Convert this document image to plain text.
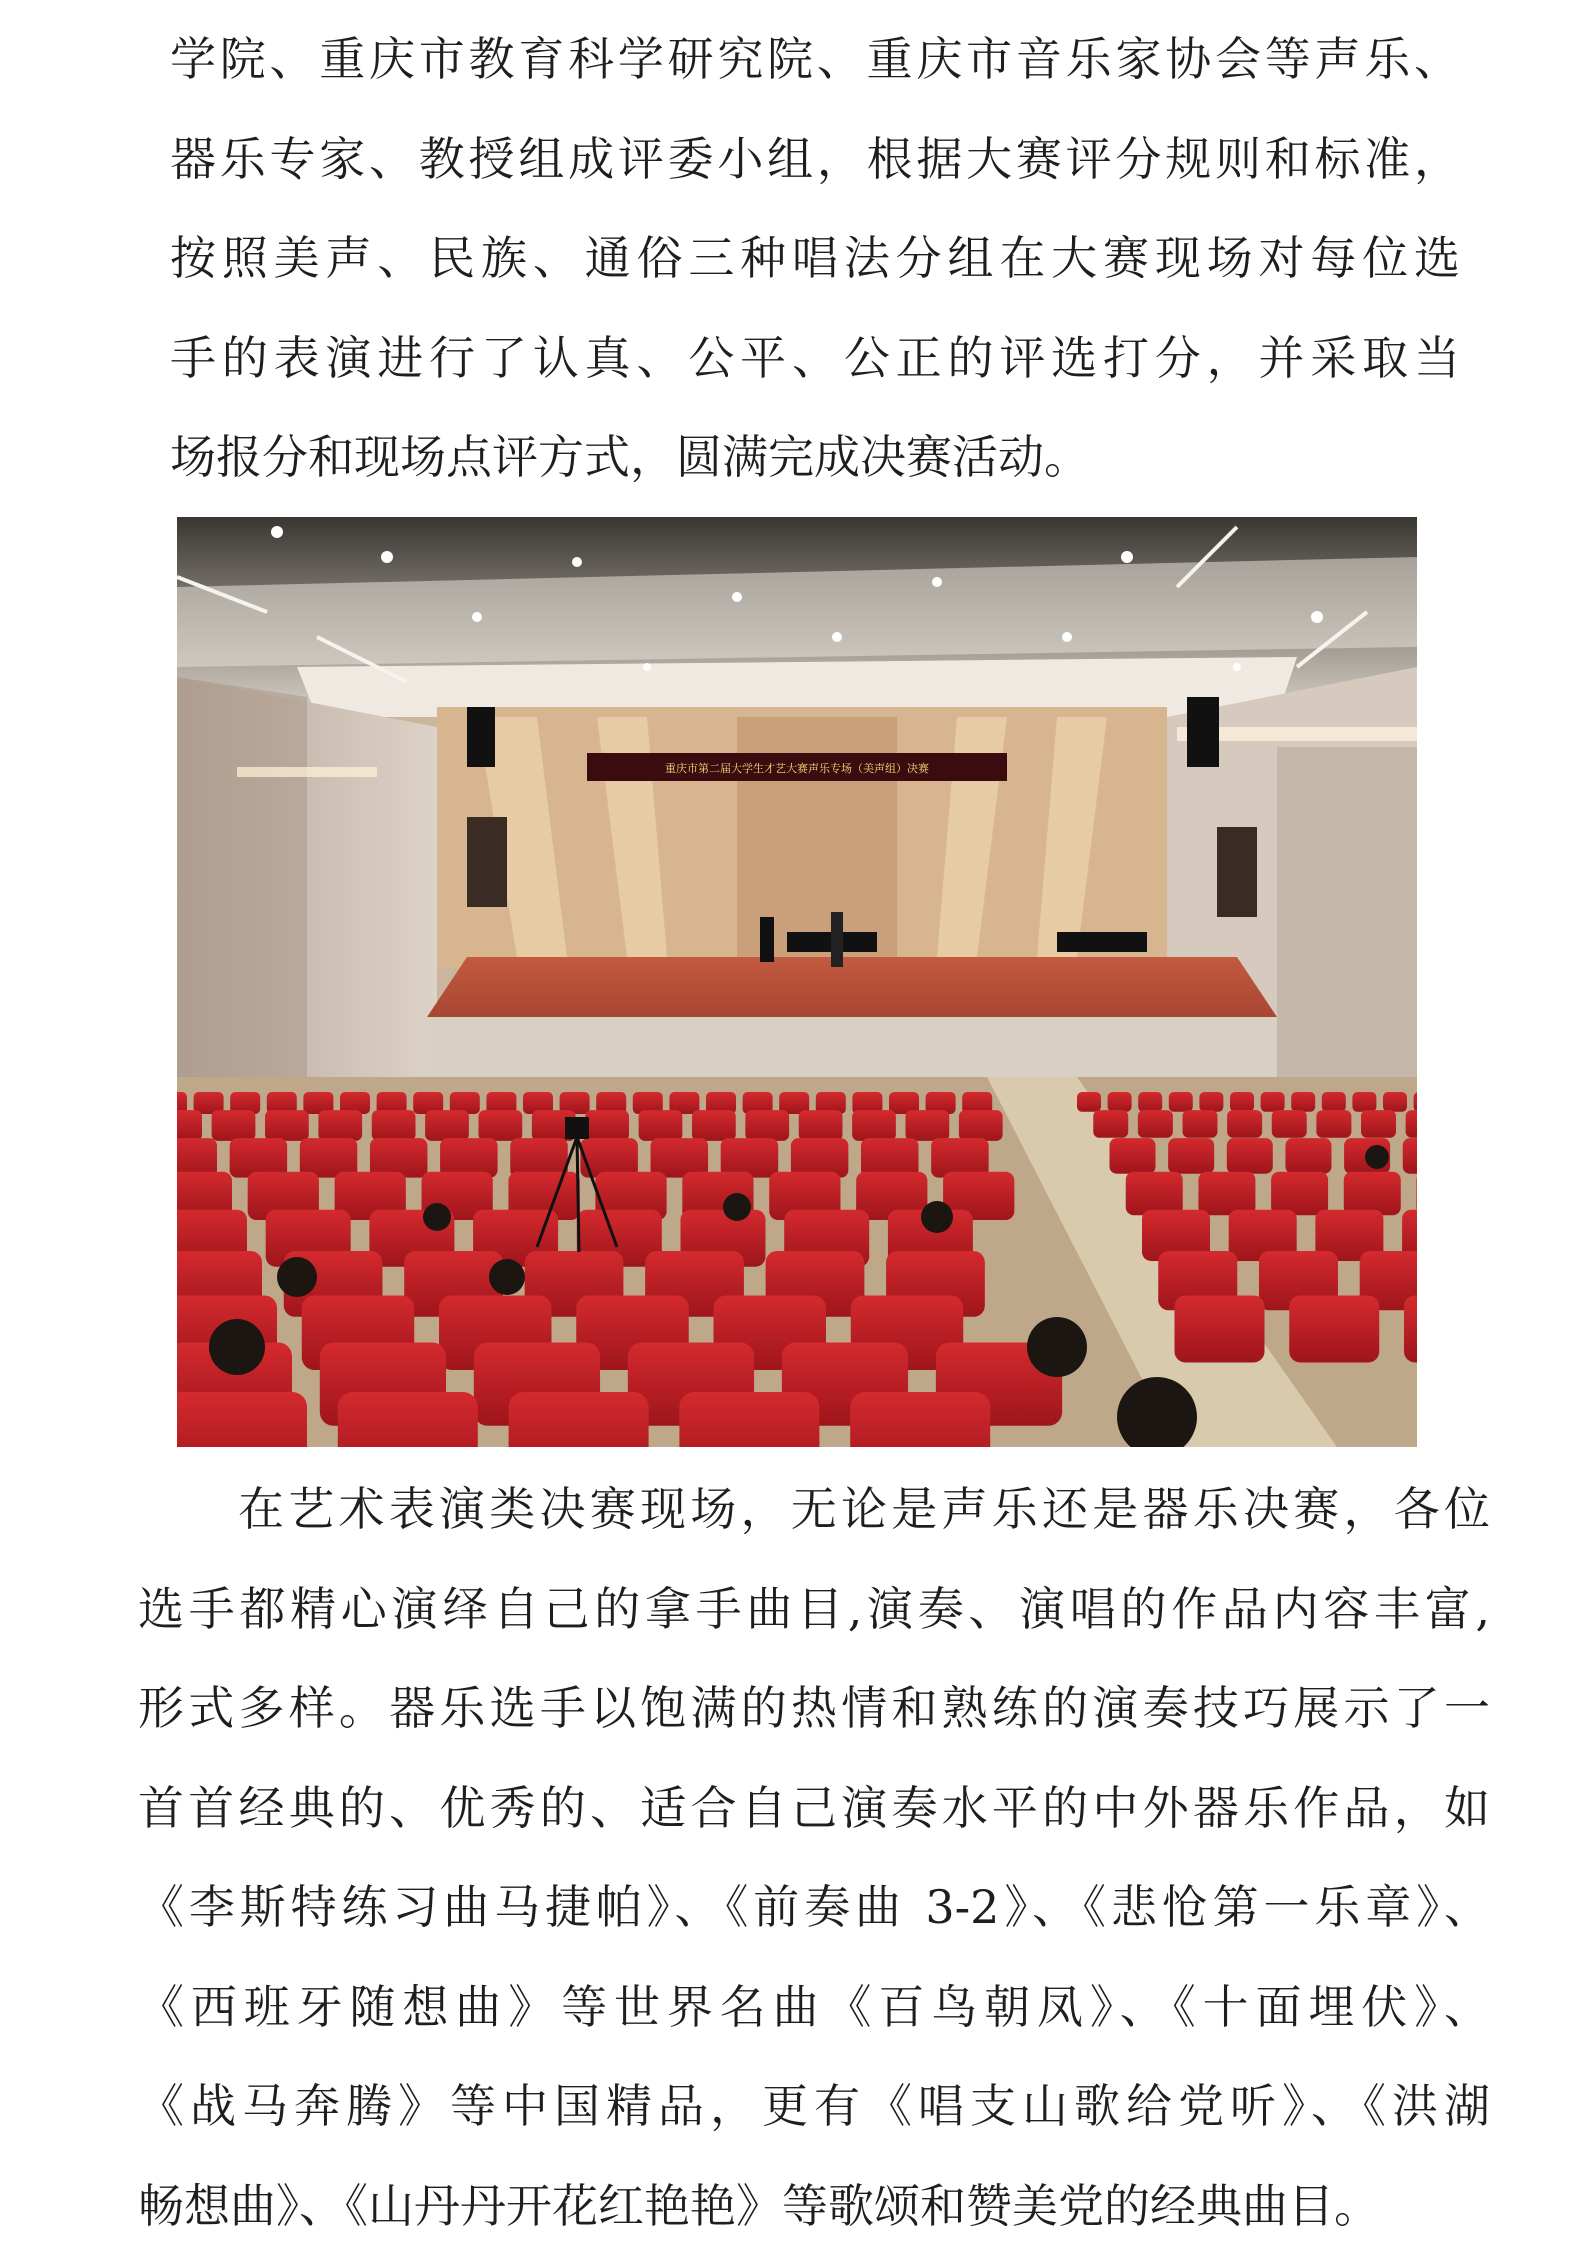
学院、重庆市教育科学研究院、重庆市音乐家协会等声乐、
器乐专家、教授组成评委小组，根据大赛评分规则和标准，
按照美声、民族、通俗三种唱法分组在大赛现场对每位选
手的表演进行了认真、公平、公正的评选打分，并采取当
场报分和现场点评方式，圆满完成决赛活动。
重庆市第二届大学生才艺大赛声乐专场（美声组）决赛
在艺术表演类决赛现场，无论是声乐还是器乐决赛，各位
选手都精心演绎自己的拿手曲目,演奏、演唱的作品内容丰富,
形式多样。器乐选手以饱满的热情和熟练的演奏技巧展示了一
首首经典的、优秀的、适合自己演奏水平的中外器乐作品，如
《李斯特练习曲马捷帕》、《前奏曲 3-2》、《悲怆第一乐章》、
《西班牙随想曲》等世界名曲《百鸟朝凤》、《十面埋伏》、
《战马奔腾》等中国精品，更有《唱支山歌给党听》、《洪湖
畅想曲》、《山丹丹开花红艳艳》等歌颂和赞美党的经典曲目。
